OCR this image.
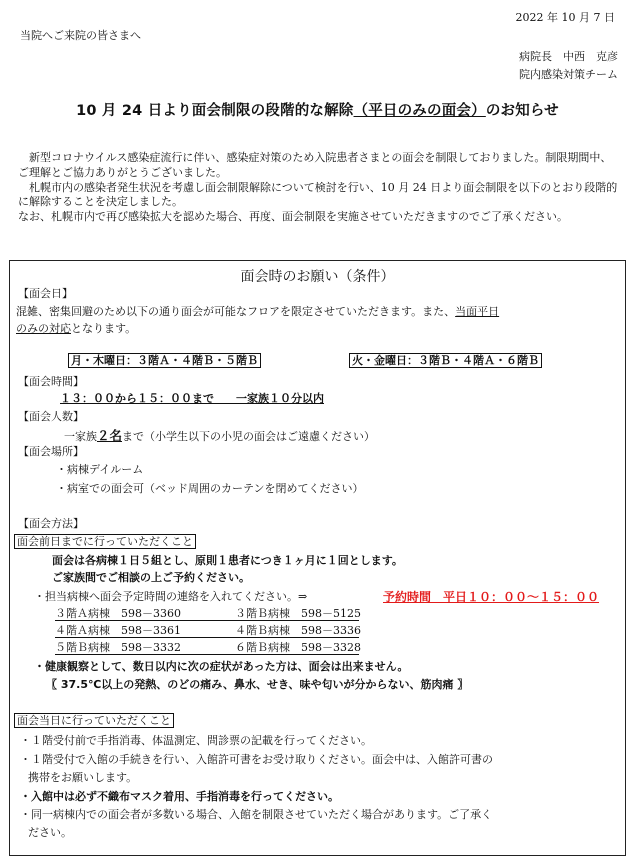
2022 年 10 月 7 日
当院へご来院の皆さまへ
病院長　中西　克彦
院内感染対策チーム
10 月 24 日より面会制限の段階的な解除（平日のみの面会）のお知らせ

新型コロナウイルス感染症流行に伴い、感染症対策のため入院患者さまとの面会を制限しておりました。制限期間中、ご理解とご協力ありがとうございました。

札幌市内の感染者発生状況を考慮し面会制限解除について検討を行い、10 月 24 日より面会制限を以下のとおり段階的に解除することを決定しました。

なお、札幌市内で再び感染拡大を認めた場合、再度、面会制限を実施させていただきますのでご了承ください。

面会時のお願い（条件）
【面会日】
混雑、密集回避のため以下の通り面会が可能なフロアを限定させていただきます。また、当面平日
のみの対応となります。
月・木曜日：３階Ａ・４階Ｂ・５階Ｂ	火・金曜日：３階Ｂ・４階Ａ・６階Ｂ
【面会時間】
１３：００から１５：００まで　　一家族１０分以内
【面会人数】
一家族２名まで（小学生以下の小児の面会はご遠慮ください）
【面会場所】
・病棟デイルーム
・病室での面会可（ベッド周囲のカーテンを閉めてください）
【面会方法】
面会前日までに行っていただくこと
面会は各病棟１日５組とし、原則１患者につき１ヶ月に１回とします。
ご家族間でご相談の上ご予約ください。
・担当病棟へ面会予定時間の連絡を入れてください。⇒	予約時間　平日１０：００～１５：００
３階Ａ病棟　598－3360	３階Ｂ病棟　598－5125
４階Ａ病棟　598－3361	４階Ｂ病棟　598－3336
５階Ｂ病棟　598－3332	６階Ｂ病棟　598－3328
・健康観察として、数日以内に次の症状があった方は、面会は出来ません。
〖 37.5℃以上の発熱、のどの痛み、鼻水、せき、味や匂いが分からない、筋肉痛 〗
面会当日に行っていただくこと
・１階受付前で手指消毒、体温測定、問診票の記載を行ってください。
・１階受付で入館の手続きを行い、入館許可書をお受け取りください。面会中は、入館許可書の
携帯をお願いします。
・入館中は必ず不織布マスク着用、手指消毒を行ってください。
・同一病棟内での面会者が多数いる場合、入館を制限させていただく場合があります。ご了承く
ださい。
